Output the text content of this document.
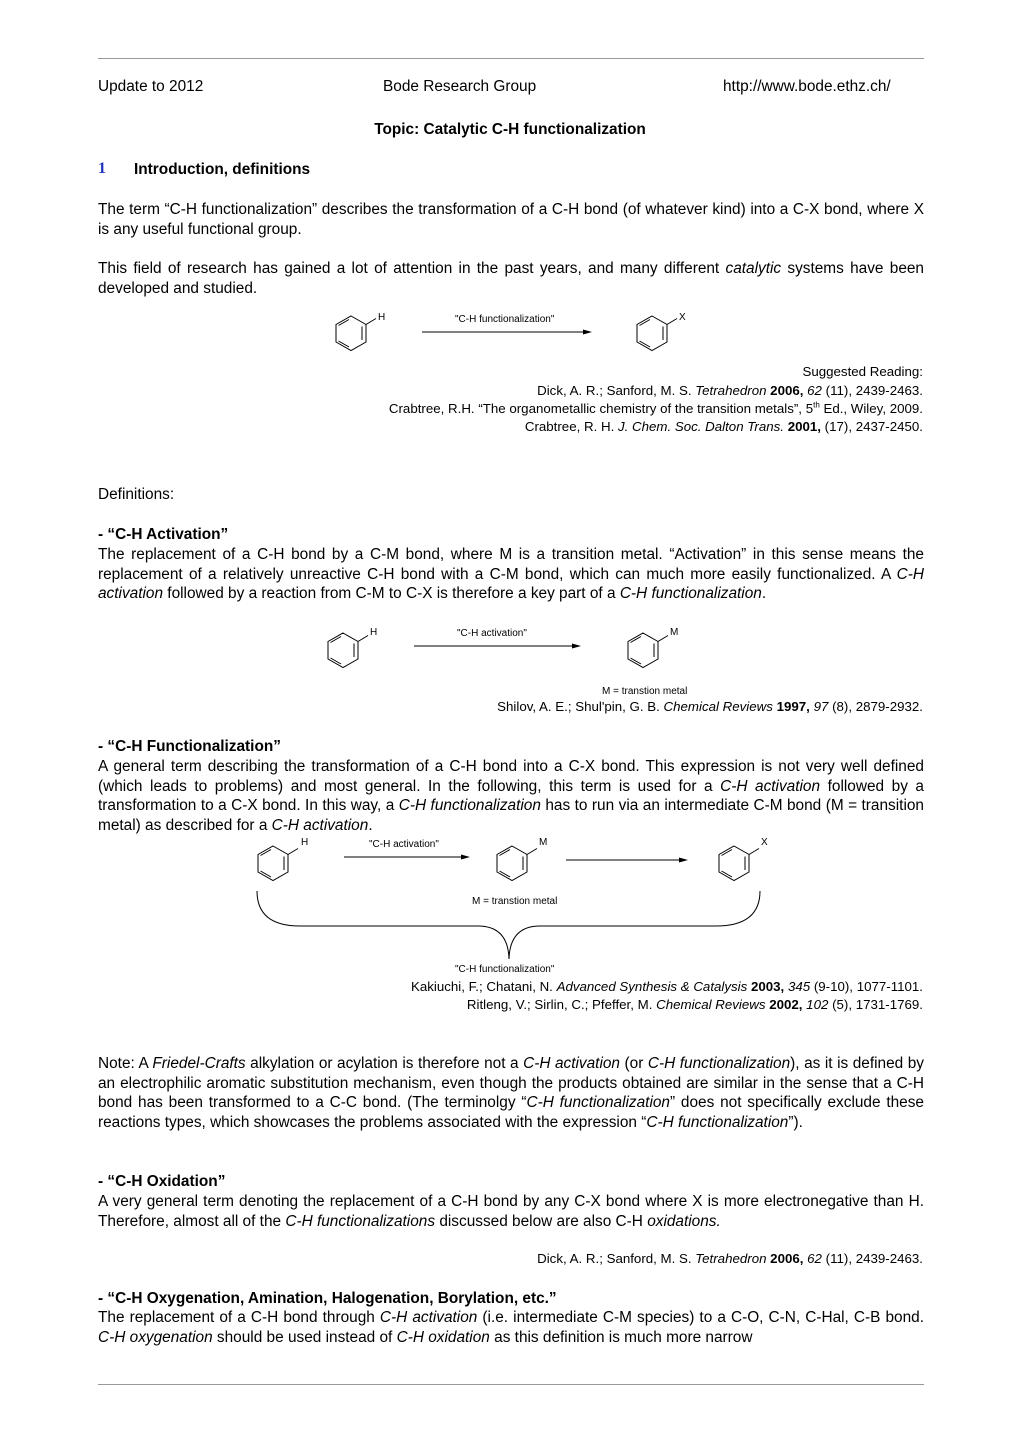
Update to 2012	Bode Research Group	http://www.bode.ethz.ch/
Topic: Catalytic C-H functionalization
1 Introduction, definitions
The term “C-H functionalization” describes the transformation of a C-H bond (of whatever kind) into a C-X bond, where X is any useful functional group.
This field of research has gained a lot of attention in the past years, and many different catalytic systems have been developed and studied.
H	"C-H functionalization"	X
Suggested Reading:
Dick, A. R.; Sanford, M. S. Tetrahedron 2006, 62 (11), 2439-2463.
Crabtree, R.H. “The organometallic chemistry of the transition metals”, 5th Ed., Wiley, 2009.
Crabtree, R. H. J. Chem. Soc. Dalton Trans. 2001, (17), 2437-2450.
Definitions:
- “C-H Activation”
The replacement of a C-H bond by a C-M bond, where M is a transition metal. “Activation” in this sense means the replacement of a relatively unreactive C-H bond with a C-M bond, which can much more easily functionalized. A C-H activation followed by a reaction from C-M to C-X is therefore a key part of a C-H functionalization.
H	"C-H activation"	M
M = transtion metal
Shilov, A. E.; Shul'pin, G. B. Chemical Reviews 1997, 97 (8), 2879-2932.
- “C-H Functionalization”
A general term describing the transformation of a C-H bond into a C-X bond. This expression is not very well defined (which leads to problems) and most general. In the following, this term is used for a C-H activation followed by a transformation to a C-X bond. In this way, a C-H functionalization has to run via an intermediate C-M bond (M = transition metal) as described for a C-H activation.
H	"C-H activation"	M	X
M = transtion metal
"C-H functionalization"
Kakiuchi, F.; Chatani, N. Advanced Synthesis & Catalysis 2003, 345 (9-10), 1077-1101.
Ritleng, V.; Sirlin, C.; Pfeffer, M. Chemical Reviews 2002, 102 (5), 1731-1769.
Note: A Friedel-Crafts alkylation or acylation is therefore not a C-H activation (or C-H functionalization), as it is defined by an electrophilic aromatic substitution mechanism, even though the products obtained are similar in the sense that a C-H bond has been transformed to a C-C bond. (The terminolgy “C-H functionalization” does not specifically exclude these reactions types, which showcases the problems associated with the expression “C-H functionalization”).
- “C-H Oxidation”
A very general term denoting the replacement of a C-H bond by any C-X bond where X is more electronegative than H. Therefore, almost all of the C-H functionalizations discussed below are also C-H oxidations.
Dick, A. R.; Sanford, M. S. Tetrahedron 2006, 62 (11), 2439-2463.
- “C-H Oxygenation, Amination, Halogenation, Borylation, etc.”
The replacement of a C-H bond through C-H activation (i.e. intermediate C-M species) to a C-O, C-N, C-Hal, C-B bond. C-H oxygenation should be used instead of C-H oxidation as this definition is much more narrow
